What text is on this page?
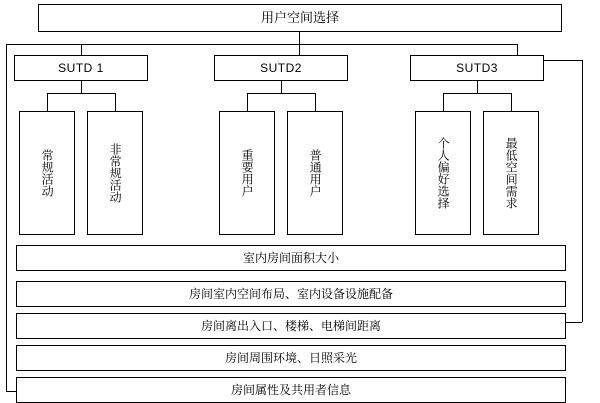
用户空间选择
SUTD 1	SUTD2	SUTD3
常规活动	非常规活动	重要用户	普通用户	个人偏好选择	最低空间需求
室内房间面积大小
房间室内空间布局、室内设备设施配备
房间离出入口、楼梯、电梯间距离
房间周围环境、日照采光
房间属性及共用者信息
